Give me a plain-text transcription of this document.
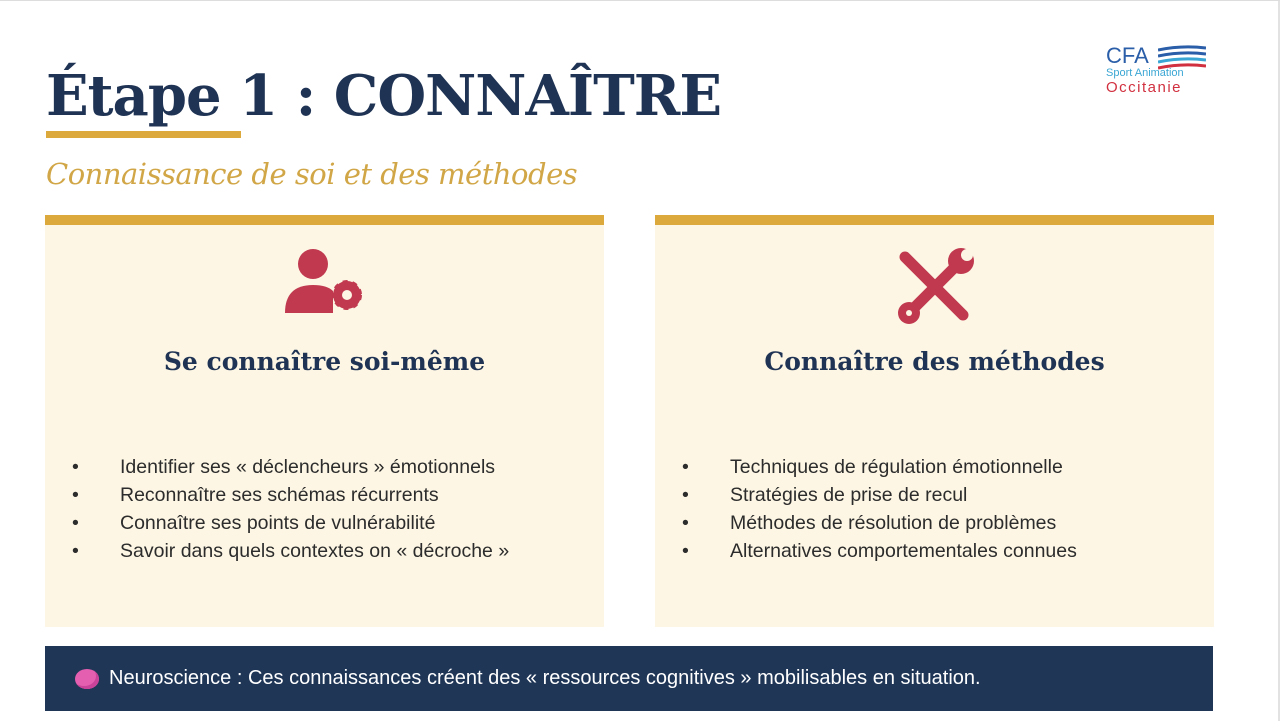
Étape 1 : CONNAÎTRE
Connaissance de soi et des méthodes
CFA
Sport Animation
Occitanie
Se connaître soi-même
• Identifier ses « déclencheurs » émotionnels
• Reconnaître ses schémas récurrents
• Connaître ses points de vulnérabilité
• Savoir dans quels contextes on « décroche »
Connaître des méthodes
• Techniques de régulation émotionnelle
• Stratégies de prise de recul
• Méthodes de résolution de problèmes
• Alternatives comportementales connues
Neuroscience : Ces connaissances créent des « ressources cognitives » mobilisables en situation.
